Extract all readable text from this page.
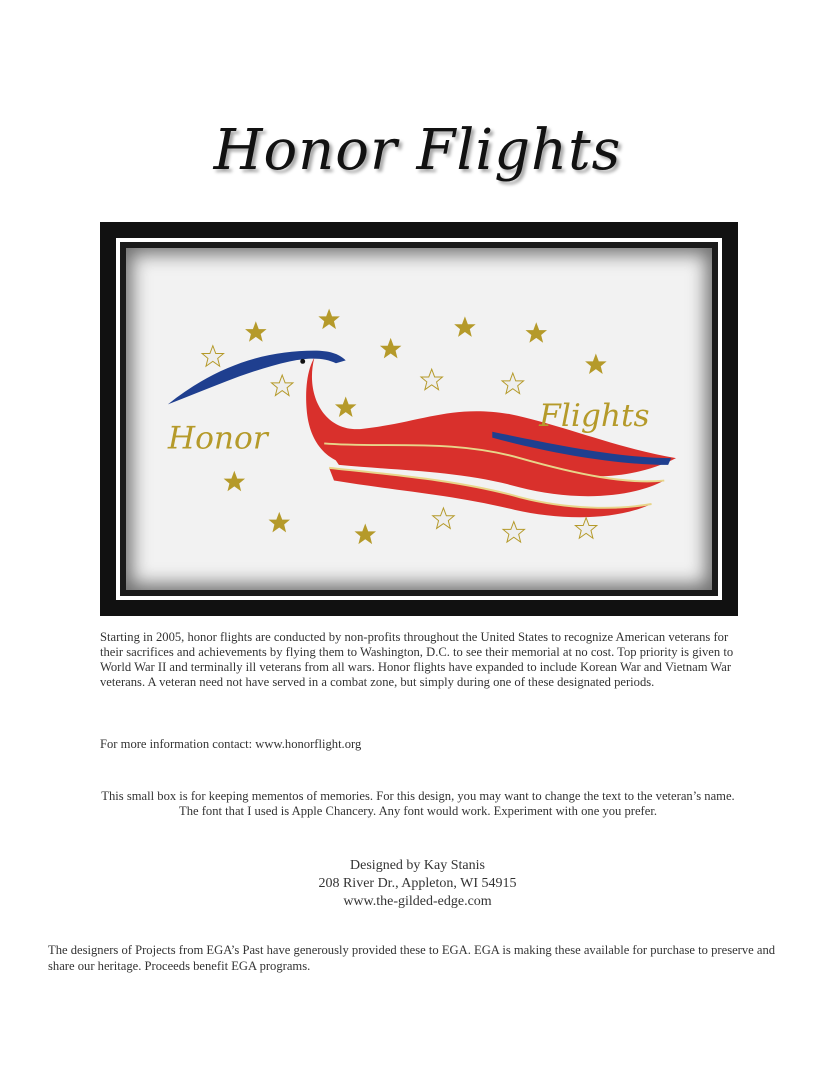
Honor Flights
Honor
Flights

Starting in 2005, honor flights are conducted by non-profits throughout the United States to recognize American veterans for their sacrifices and achievements by flying them to Washington, D.C. to see their memorial at no cost. Top priority is given to World War II and terminally ill veterans from all wars. Honor flights have expanded to include Korean War and Vietnam War veterans. A veteran need not have served in a combat zone, but simply during one of these designated periods.

For more information contact: www.honorflight.org

This small box is for keeping mementos of memories. For this design, you may want to change the text to the veteran’s name. The font that I used is Apple Chancery. Any font would work. Experiment with one you prefer.

Designed by Kay Stanis
208 River Dr., Appleton, WI 54915
www.the-gilded-edge.com

The designers of Projects from EGA’s Past have generously provided these to EGA. EGA is making these available for purchase to preserve and share our heritage. Proceeds benefit EGA programs.
